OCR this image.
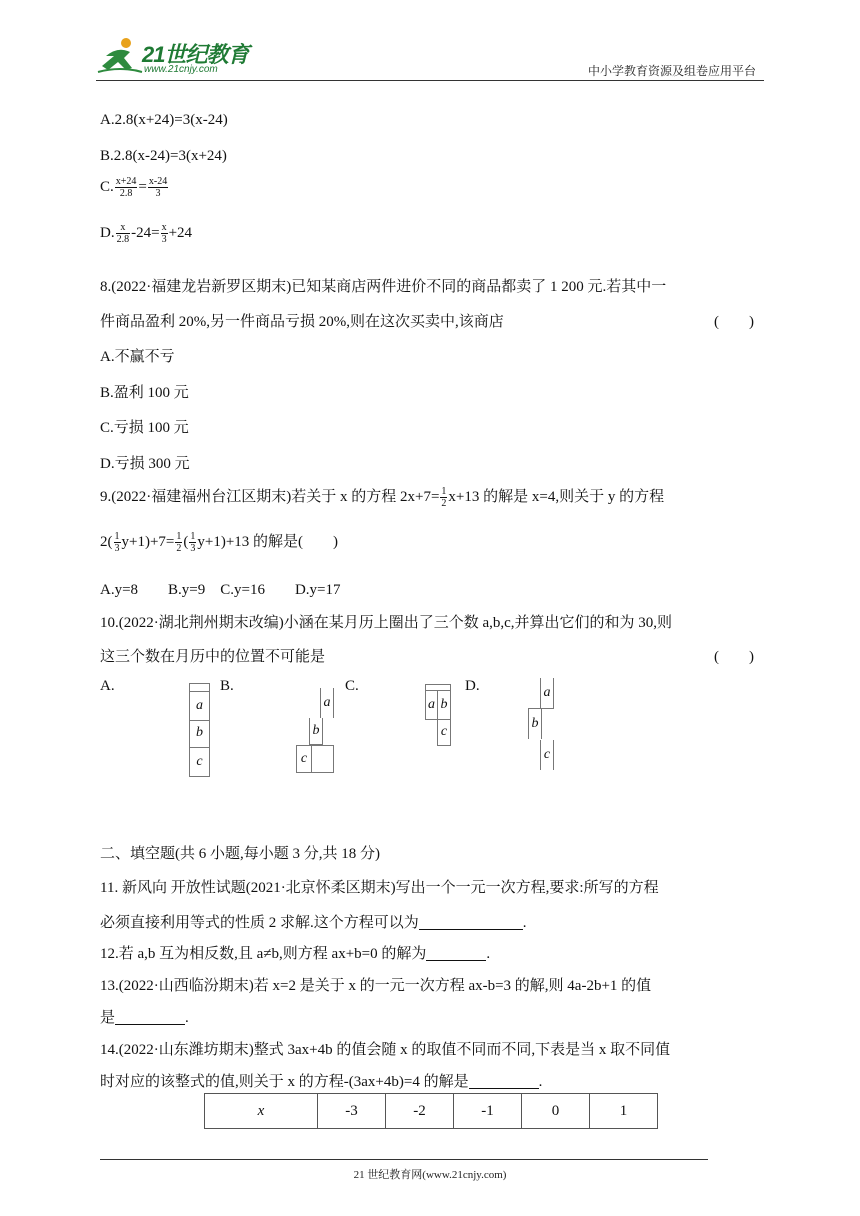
21世纪教育
www.21cnjy.com	中小学教育资源及组卷应用平台
A.2.8(x+24)=3(x-24)
B.2.8(x-24)=3(x+24)
C. $\frac{x+24}{2.8} = \frac{x-24}{3}$
D. $\frac{x}{2.8} -24= \frac{x}{3} +24$
8.(2022·福建龙岩新罗区期末)已知某商店两件进价不同的商品都卖了 1 200 元.若其中一
件商品盈利 20%,另一件商品亏损 20%,则在这次买卖中,该商店	(　　)
A.不赢不亏
B.盈利 100 元
C.亏损 100 元
D.亏损 300 元
9.(2022·福建福州台江区期末)若关于 x 的方程 $2x+7= \frac{1}{2} x+13$ 的解是 x=4,则关于 y 的方程
$2( \frac{1}{3} y+1)+7= \frac{1}{2}$ ( $\frac{1}{3} y+1)+13$ 的解是(　　)
A.y=8　　B.y=9　C.y=16　　D.y=17
10.(2022·湖北荆州期末改编)小涵在某月历上圈出了三个数 a,b,c,并算出它们的和为 30,则
这三个数在月历中的位置不可能是	(　　)
A.	B.	C.	D.
a
b
c
a
b
c
a b
c
a
b
c
二、填空题(共 6 小题,每小题 3 分,共 18 分)
11. 新风向 开放性试题(2021·北京怀柔区期末)写出一个一元一次方程,要求:所写的方程
必须直接利用等式的性质 2 求解.这个方程可以为	.
12.若 a,b 互为相反数,且 a≠b,则方程 ax+b=0 的解为	.
13.(2022·山西临汾期末)若 x=2 是关于 x 的一元一次方程 ax-b=3 的解,则 4a-2b+1 的值
是	.
14.(2022·山东潍坊期末)整式 3ax+4b 的值会随 x 的取值不同而不同,下表是当 x 取不同值
时对应的该整式的值,则关于 x 的方程-(3ax+4b)=4 的解是	.
x	-3	-2	-1	0	1
21 世纪教育网(www.21cnjy.com)
